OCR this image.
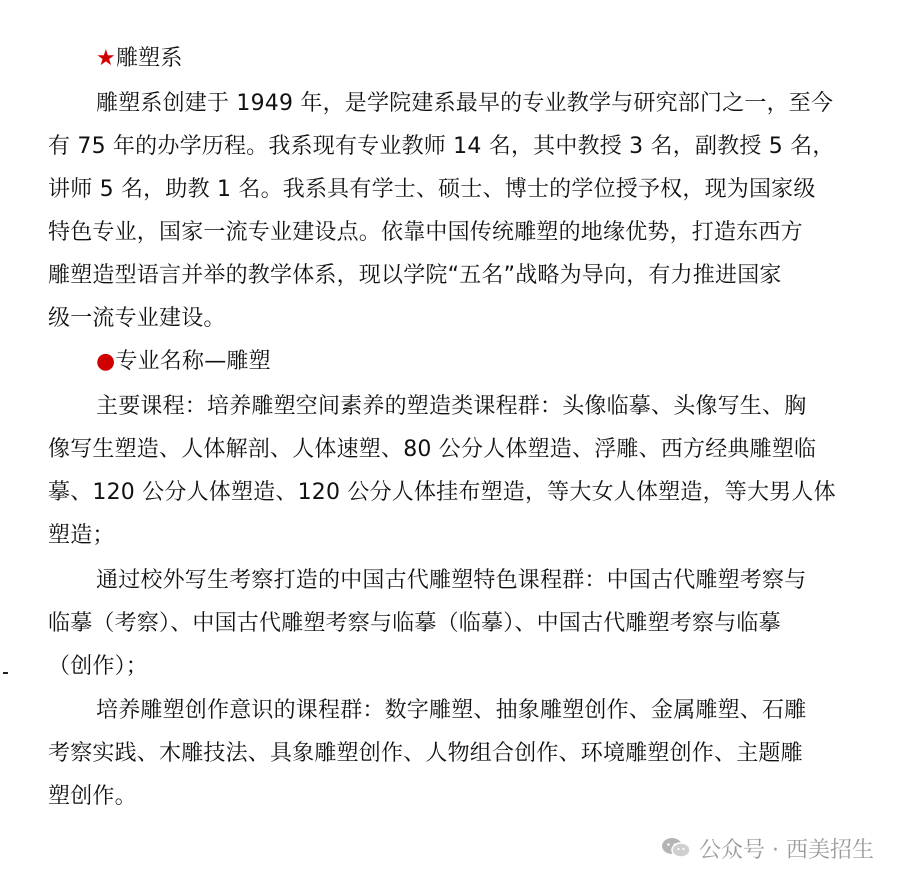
★雕塑系
雕塑系创建于 1949 年，是学院建系最早的专业教学与研究部门之一，至今
有 75 年的办学历程。我系现有专业教师 14 名，其中教授 3 名，副教授 5 名，
讲师 5 名，助教 1 名。我系具有学士、硕士、博士的学位授予权，现为国家级
特色专业，国家一流专业建设点。依靠中国传统雕塑的地缘优势，打造东西方
雕塑造型语言并举的教学体系，现以学院“五名”战略为导向，有力推进国家
级一流专业建设。
●专业名称—雕塑
主要课程：培养雕塑空间素养的塑造类课程群：头像临摹、头像写生、胸
像写生塑造、人体解剖、人体速塑、80 公分人体塑造、浮雕、西方经典雕塑临
摹、120 公分人体塑造、120 公分人体挂布塑造，等大女人体塑造，等大男人体
塑造；
通过校外写生考察打造的中国古代雕塑特色课程群：中国古代雕塑考察与
临摹（考察）、中国古代雕塑考察与临摹（临摹）、中国古代雕塑考察与临摹
（创作）；
培养雕塑创作意识的课程群：数字雕塑、抽象雕塑创作、金属雕塑、石雕
考察实践、木雕技法、具象雕塑创作、人物组合创作、环境雕塑创作、主题雕
塑创作。
公众号 · 西美招生
